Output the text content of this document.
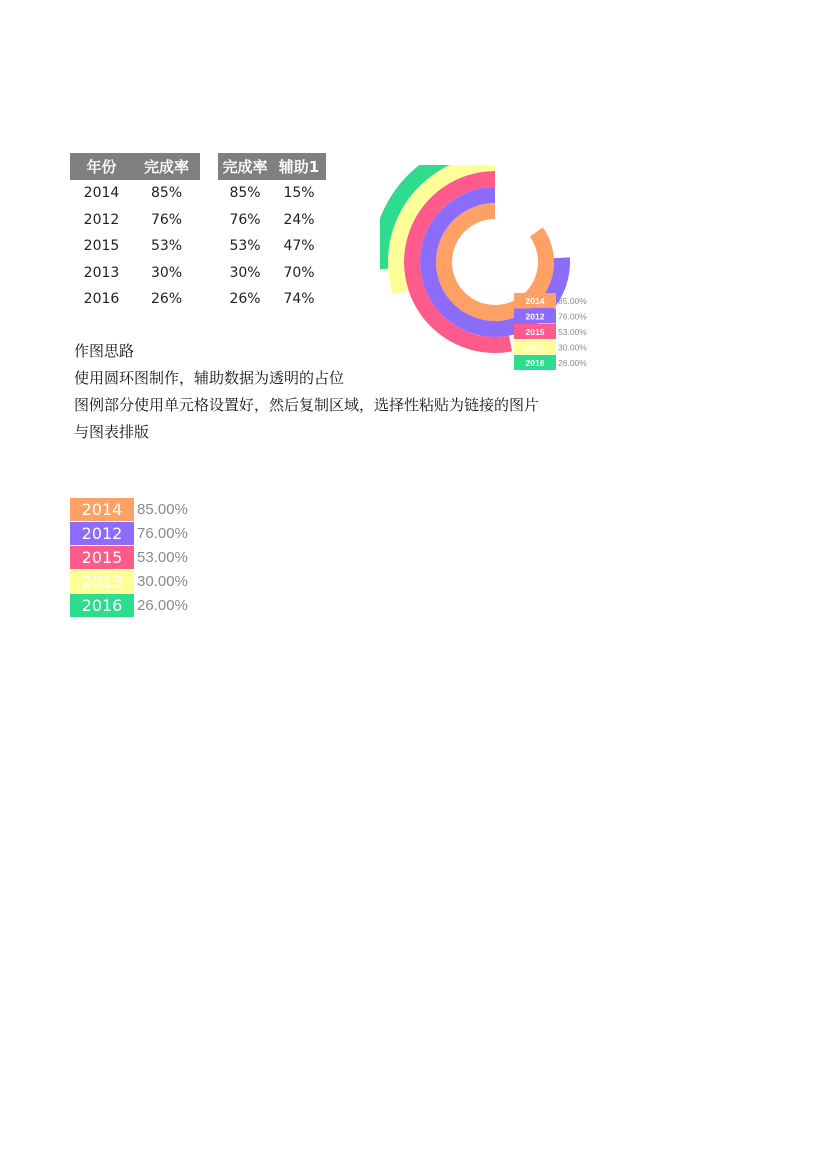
年份	完成率
2014	85%
2012	76%
2015	53%
2013	30%
2016	26%
完成率	辅助1
85%	15%
76%	24%
53%	47%
30%	70%
26%	74%
作图思路
使用圆环图制作，辅助数据为透明的占位
图例部分使用单元格设置好，然后复制区域，选择性粘贴为链接的图片
与图表排版
2014 85.00%
2012 76.00%
2015 53.00%
2013 30.00%
2016 26.00%
2014 85.00%
2012 76.00%
2015 53.00%
2013 30.00%
2016 26.00%
